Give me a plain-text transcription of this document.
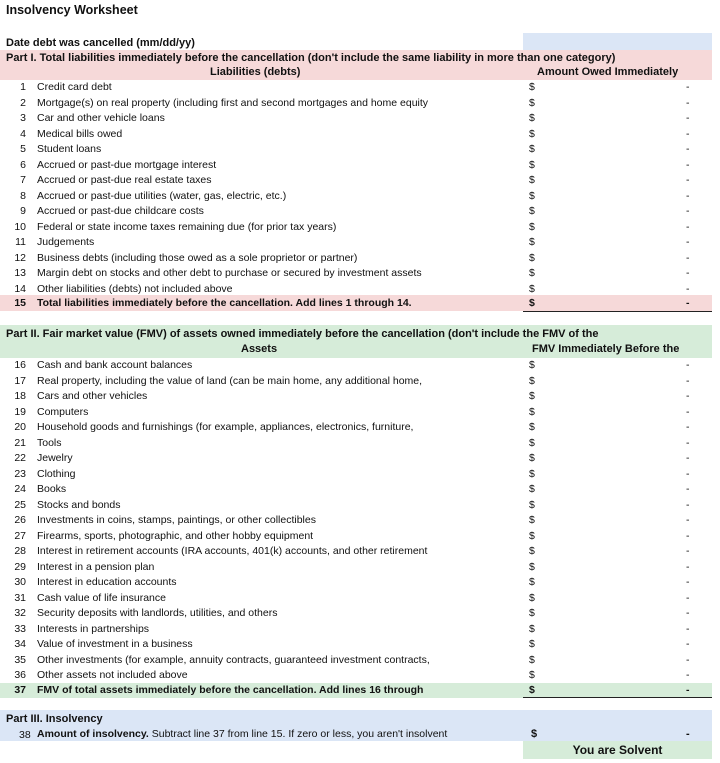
Insolvency Worksheet
Date debt was cancelled (mm/dd/yy)
Part I. Total liabilities immediately before the cancellation (don't include the same liability in more than one category)
Liabilities (debts)	Amount Owed Immediately
1 Credit card debt	$	-
2 Mortgage(s) on real property (including first and second mortgages and home equity	$	-
3 Car and other vehicle loans	$	-
4 Medical bills owed	$	-
5 Student loans	$	-
6 Accrued or past-due mortgage interest	$	-
7 Accrued or past-due real estate taxes	$	-
8 Accrued or past-due utilities (water, gas, electric, etc.)	$	-
9 Accrued or past-due childcare costs	$	-
10 Federal or state income taxes remaining due (for prior tax years)	$	-
11 Judgements	$	-
12 Business debts (including those owed as a sole proprietor or partner)	$	-
13 Margin debt on stocks and other debt to purchase or secured by investment assets	$	-
14 Other liabilities (debts) not included above	$	-
15 Total liabilities immediately before the cancellation. Add lines 1 through 14.	$	-
Part II. Fair market value (FMV) of assets owned immediately before the cancellation (don't include the FMV of the
Assets	FMV Immediately Before the
16 Cash and bank account balances	$	-
17 Real property, including the value of land (can be main home, any additional home,	$	-
18 Cars and other vehicles	$	-
19 Computers	$	-
20 Household goods and furnishings (for example, appliances, electronics, furniture,	$	-
21 Tools	$	-
22 Jewelry	$	-
23 Clothing	$	-
24 Books	$	-
25 Stocks and bonds	$	-
26 Investments in coins, stamps, paintings, or other collectibles	$	-
27 Firearms, sports, photographic, and other hobby equipment	$	-
28 Interest in retirement accounts (IRA accounts, 401(k) accounts, and other retirement	$	-
29 Interest in a pension plan	$	-
30 Interest in education accounts	$	-
31 Cash value of life insurance	$	-
32 Security deposits with landlords, utilities, and others	$	-
33 Interests in partnerships	$	-
34 Value of investment in a business	$	-
35 Other investments (for example, annuity contracts, guaranteed investment contracts,	$	-
36 Other assets not included above	$	-
37 FMV of total assets immediately before the cancellation. Add lines 16 through	$	-
Part III. Insolvency
38 Amount of insolvency. Subtract line 37 from line 15. If zero or less, you aren't insolvent	$	-
You are Solvent
